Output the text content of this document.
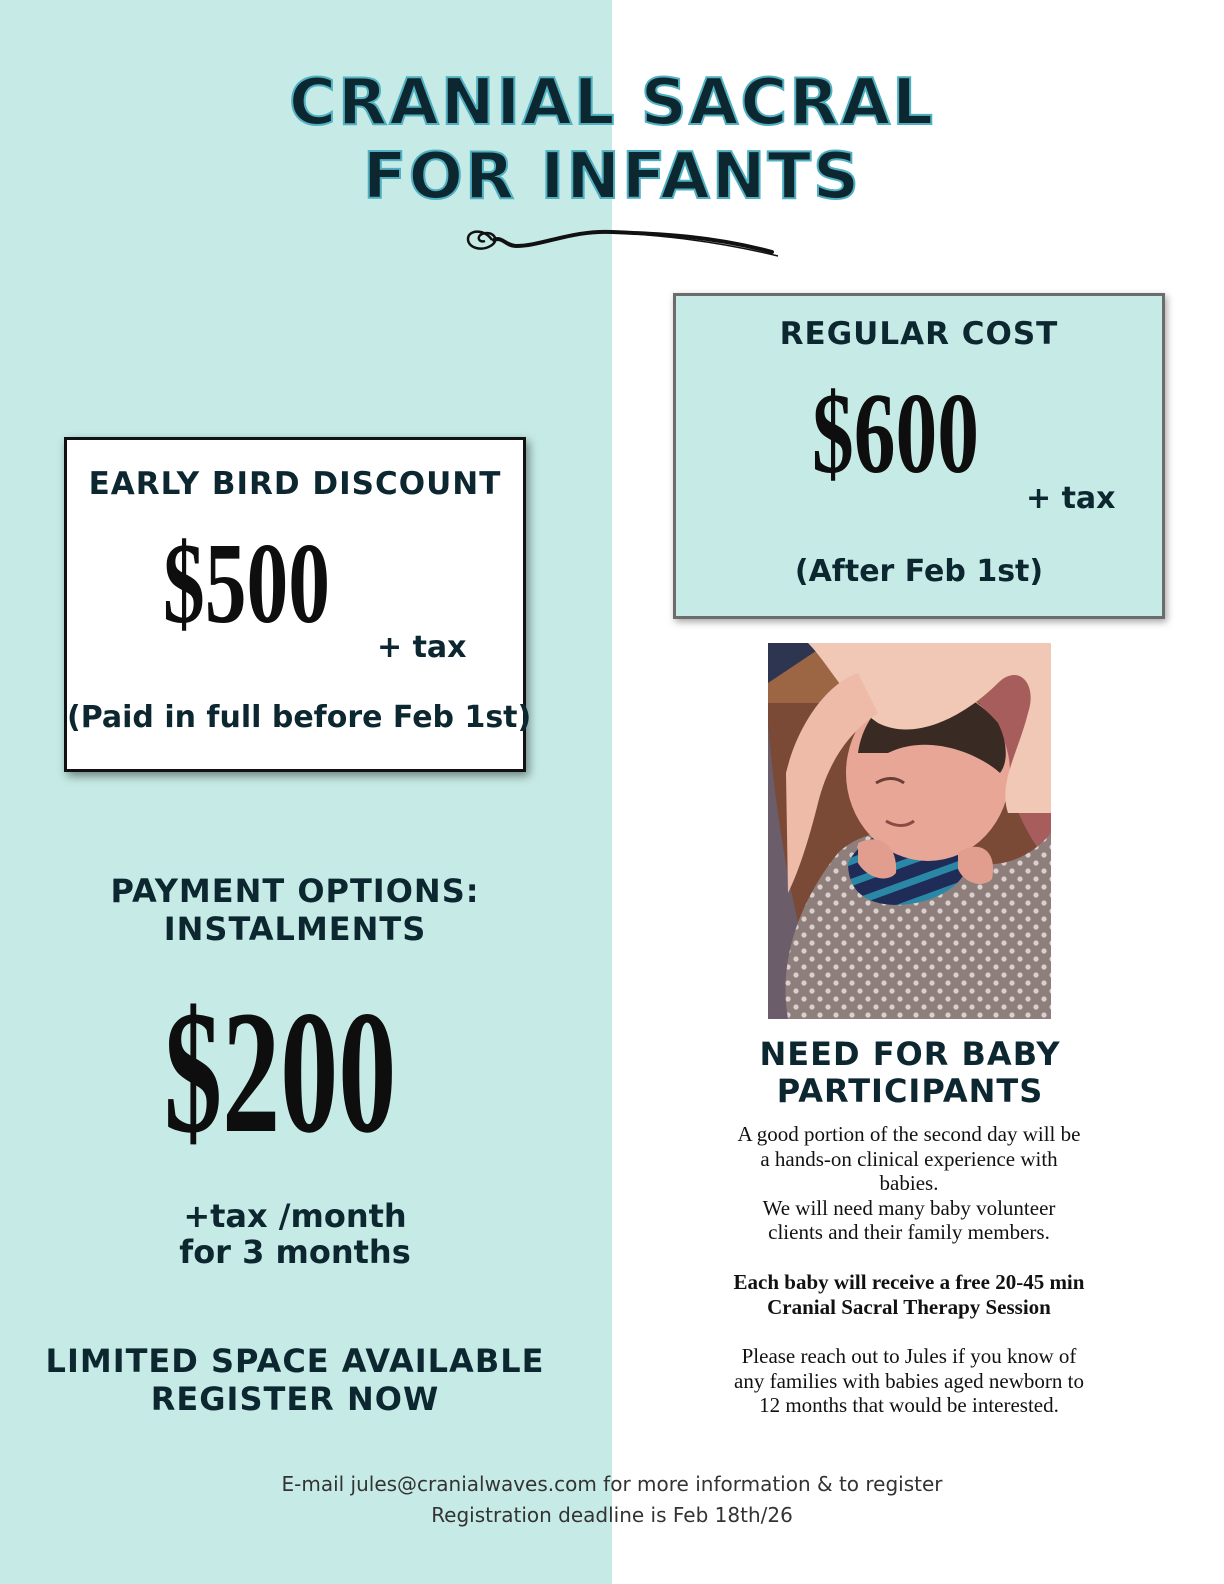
CRANIAL SACRAL
FOR INFANTS
EARLY BIRD DISCOUNT
$500 + tax
(Paid in full before Feb 1st)
REGULAR COST
$600
+ tax
(After Feb 1st)
PAYMENT OPTIONS:
INSTALMENTS
$200
+tax /month
for 3 months
LIMITED SPACE AVAILABLE
REGISTER NOW
NEED FOR BABY
PARTICIPANTS
A good portion of the second day will be
a hands-on clinical experience with
babies.
We will need many baby volunteer
clients and their family members.
Each baby will receive a free 20-45 min
Cranial Sacral Therapy Session
Please reach out to Jules if you know of
any families with babies aged newborn to
12 months that would be interested.
E-mail jules@cranialwaves.com for more information & to register
Registration deadline is Feb 18th/26
